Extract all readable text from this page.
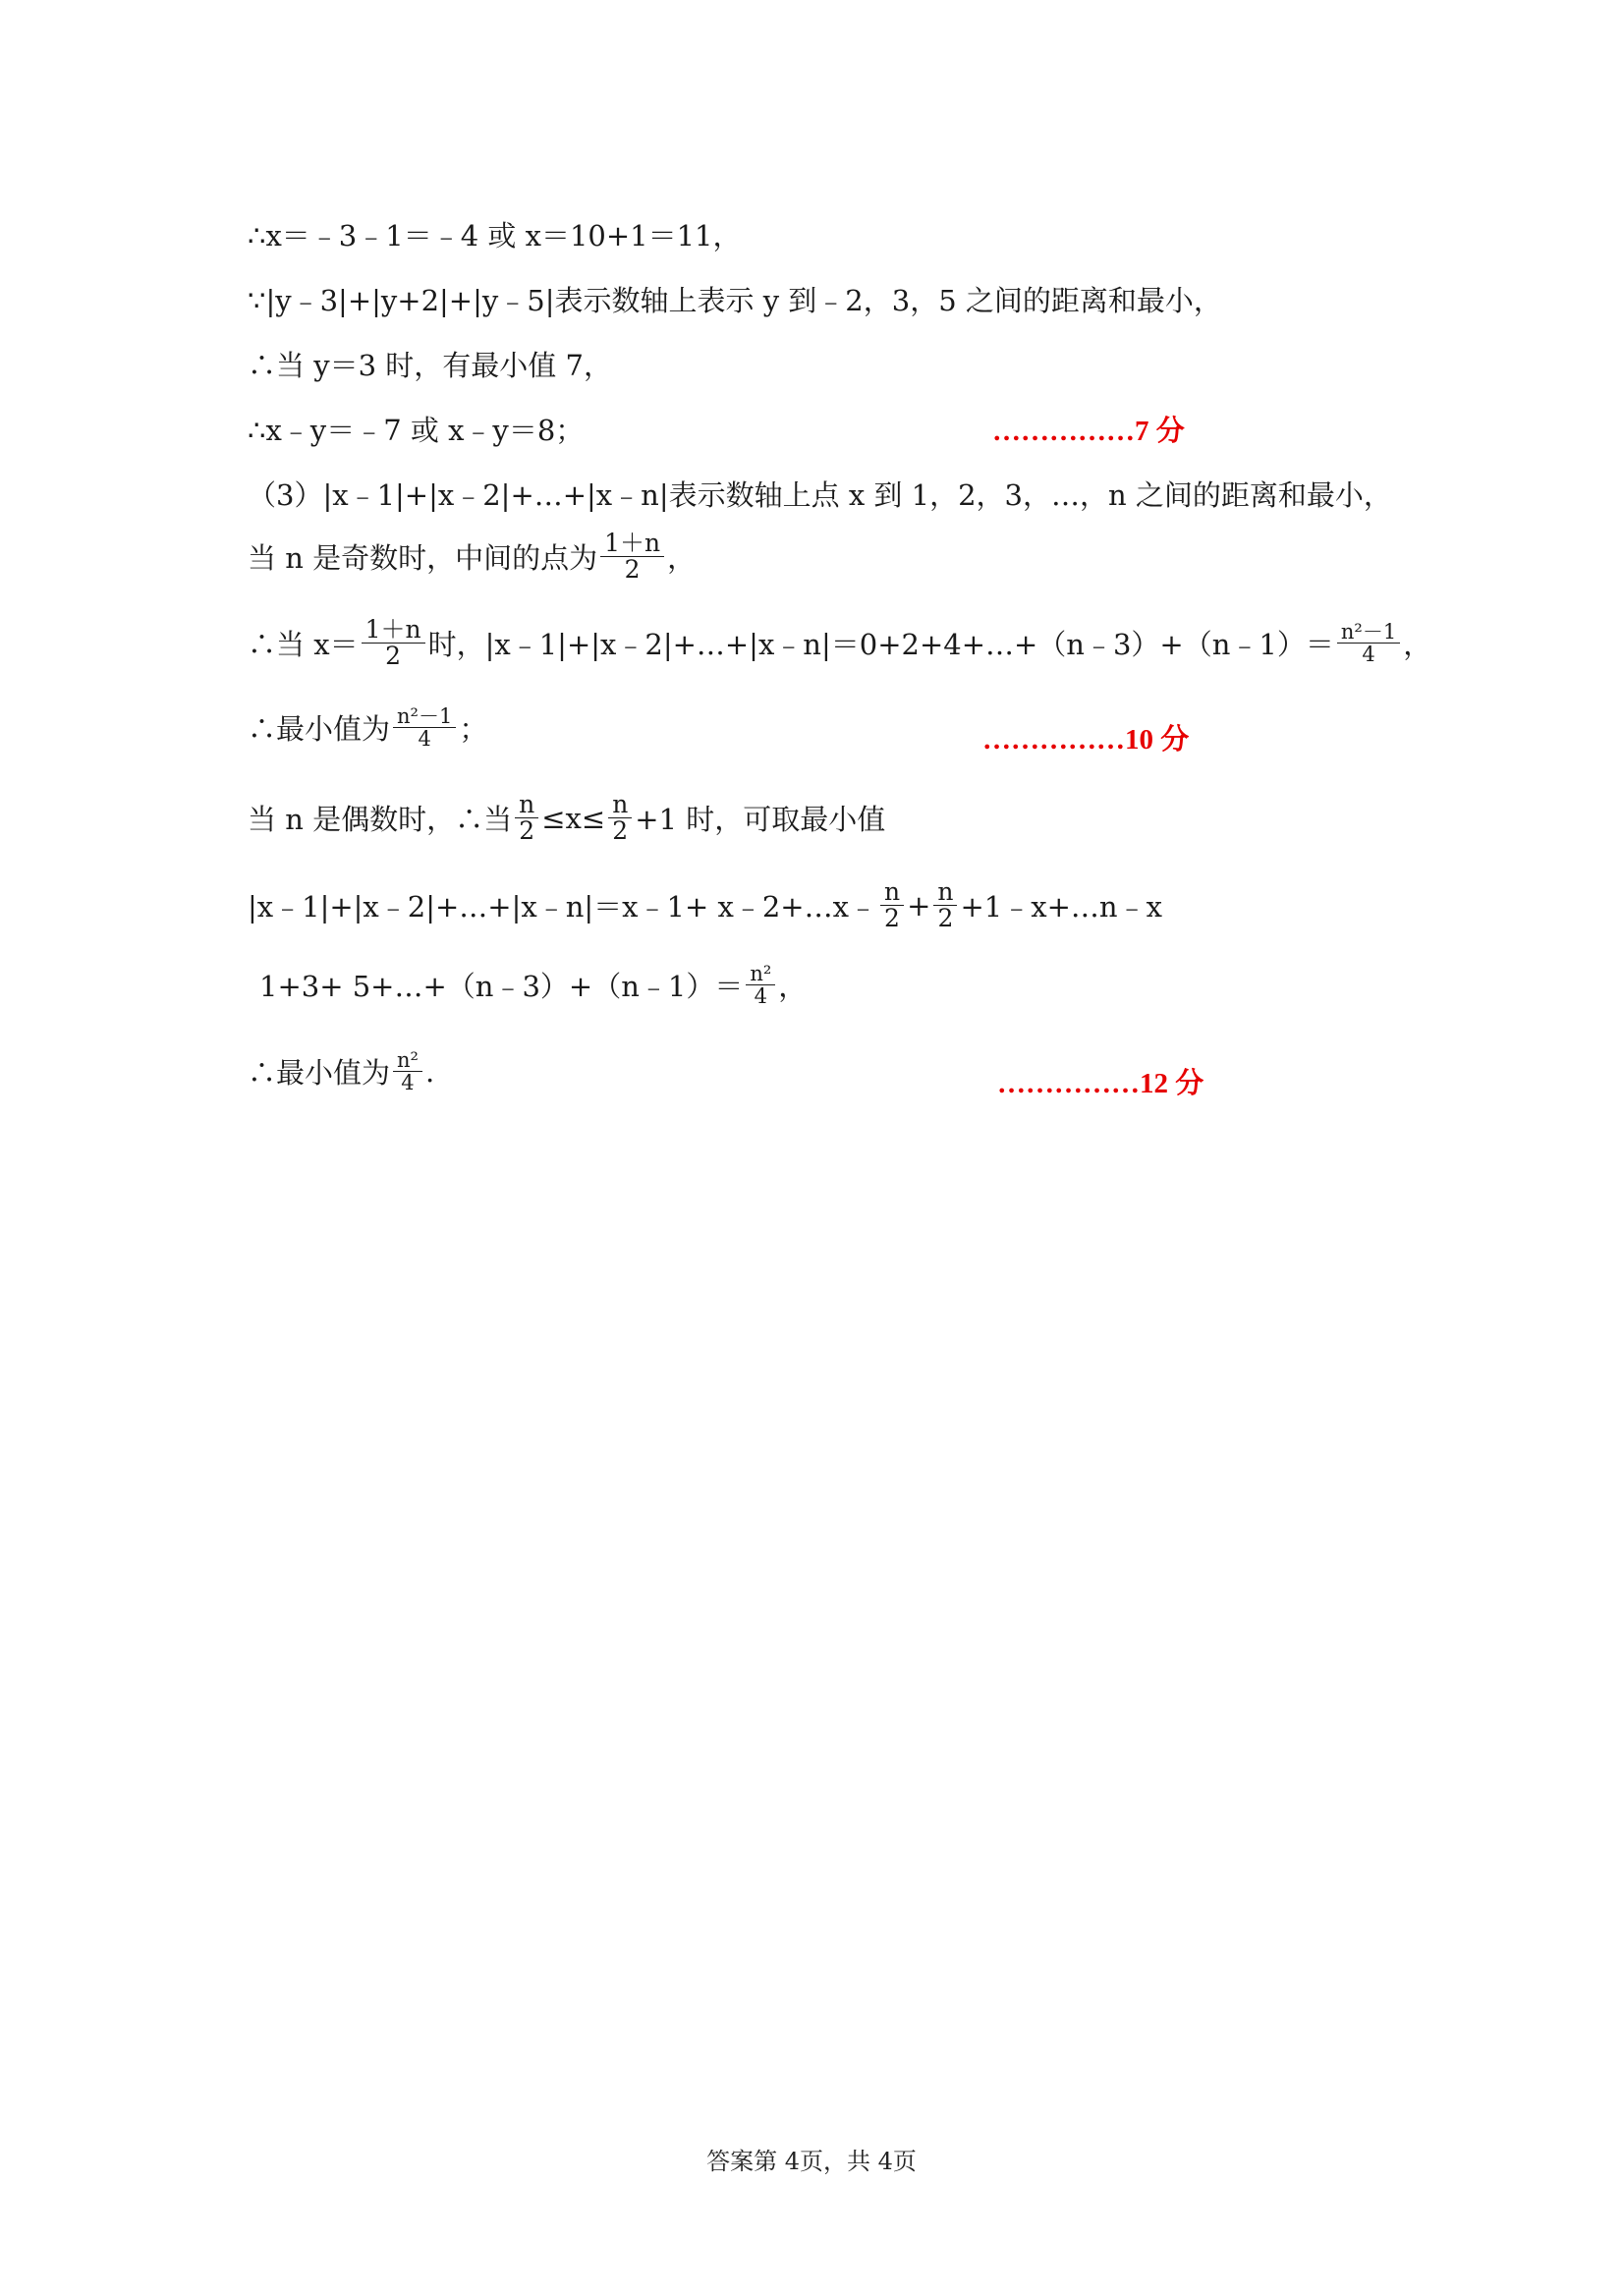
∴x＝﹣3﹣1＝﹣4 或 x＝10+1＝11，
∵|y﹣3|+|y+2|+|y﹣5|表示数轴上表示 y 到﹣2，3，5 之间的距离和最小，
∴当 y＝3 时，有最小值 7，
∴x﹣y＝﹣7 或 x﹣y＝8；	……………7 分
（3）|x﹣1|+|x﹣2|+…+|x﹣n|表示数轴上点 x 到 1，2，3，…，n 之间的距离和最小，
当 n 是奇数时，中间的点为 $\frac{1+n}{2}$ ，
∴当 $x= \frac{1+n}{2}$ 时，|x﹣1|+|x﹣2|+…+|x﹣n|＝0+2+4+…+（n﹣3）+（n﹣1）＝ $\frac{\text{n²－1}}{4}$ ，
∴最小值为 $\frac{\text{n²－1}}{4}$ ；	……………10 分
当 n 是偶数时，∴当 $\frac{n}{2} \le x\le \frac{n}{2} +1$ 时，可取最小值
|x﹣1|+|x﹣2|+…+|x﹣n|＝x﹣1+ x﹣2+…x﹣ $\frac{n}{2} + \frac{n}{2}$ +1﹣x+…n﹣x
1+3+ 5+…+（n﹣3）+（n﹣1）＝ $\frac{\text{n²}}{4}$ ，
∴最小值为 $\frac{\text{n²}}{4}$ .	……………12 分
答案第 4页，共 4页
